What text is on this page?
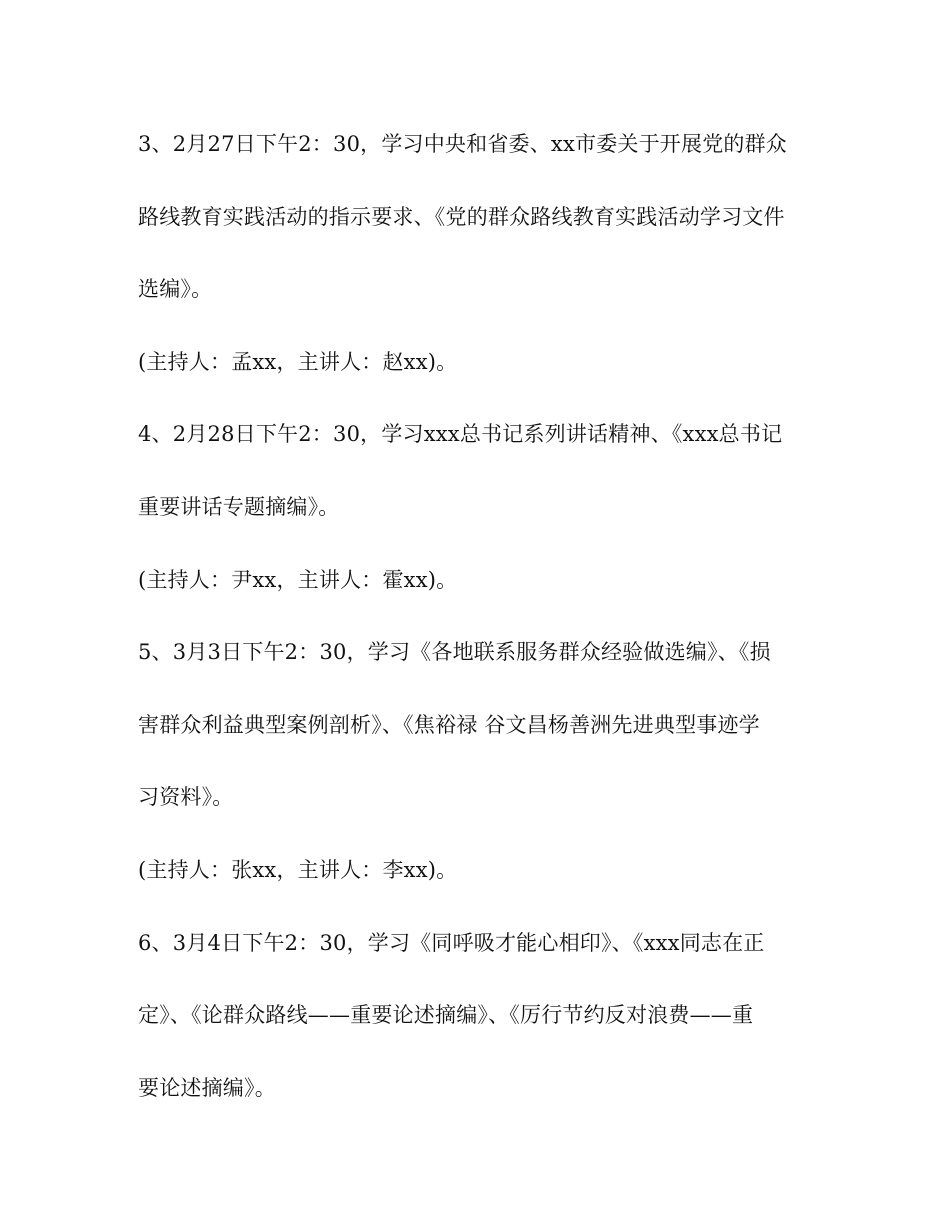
3、2月27日下午2：30，学习中央和省委、xx市委关于开展党的群众
路线教育实践活动的指示要求、《党的群众路线教育实践活动学习文件
选编》。
(主持人：孟xx，主讲人：赵xx)。
4、2月28日下午2：30，学习xxx总书记系列讲话精神、《xxx总书记
重要讲话专题摘编》。
(主持人：尹xx，主讲人：霍xx)。
5、3月3日下午2：30，学习《各地联系服务群众经验做选编》、《损
害群众利益典型案例剖析》、《焦裕禄 谷文昌杨善洲先进典型事迹学
习资料》。
(主持人：张xx，主讲人：李xx)。
6、3月4日下午2：30，学习《同呼吸才能心相印》、《xxx同志在正
定》、《论群众路线——重要论述摘编》、《厉行节约反对浪费——重
要论述摘编》。
